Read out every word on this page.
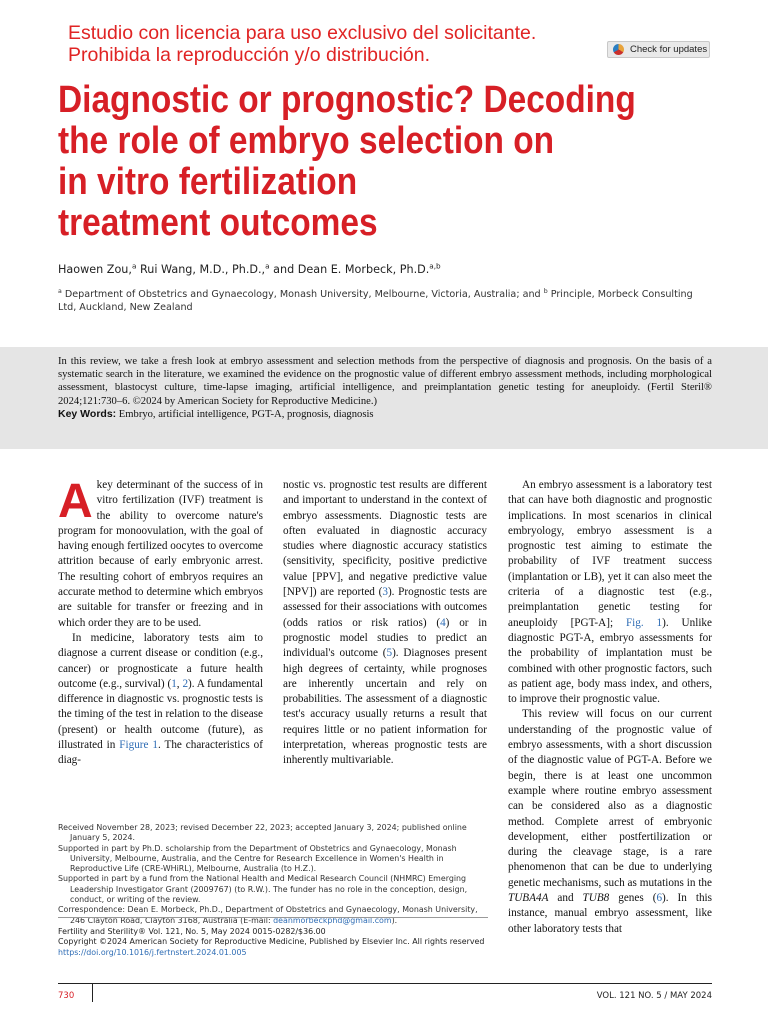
Estudio con licencia para uso exclusivo del solicitante.
Prohibida la reproducción y/o distribución.	Check for updates
Diagnostic or prognostic? Decoding
the role of embryo selection on
in vitro fertilization
treatment outcomes
Haowen Zou,$^a$ Rui Wang, M.D., Ph.D.,$^a$ and Dean E. Morbeck, Ph.D.$^{a,b}$
$^a$ Department of Obstetrics and Gynaecology, Monash University, Melbourne, Victoria, Australia; and $^b$ Principle, Morbeck Consulting Ltd, Auckland, New Zealand
In this review, we take a fresh look at embryo assessment and selection methods from the perspective of diagnosis and prognosis. On the basis of a systematic search in the literature, we examined the evidence on the prognostic value of different embryo assessment methods, including morphological assessment, blastocyst culture, time-lapse imaging, artificial intelligence, and preimplantation genetic testing for aneuploidy. (Fertil Steril® 2024;121:730–6. ©2024 by American Society for Reproductive Medicine.)
Key Words: Embryo, artificial intelligence, PGT-A, prognosis, diagnosis

Akey determinant of the success of in vitro fertilization (IVF) treatment is the ability to overcome nature's program for monoovulation, with the goal of having enough fertilized oocytes to overcome attrition because of early embryonic arrest. The resulting cohort of embryos requires an accurate method to determine which embryos are suitable for transfer or freezing and in which order they are to be used.

In medicine, laboratory tests aim to diagnose a current disease or condition (e.g., cancer) or prognosticate a future health outcome (e.g., survival) (1, 2). A fundamental difference in diagnostic vs. prognostic tests is the timing of the test in relation to the disease (present) or health outcome (future), as illustrated in Figure 1. The characteristics of diag-

nostic vs. prognostic test results are different and important to understand in the context of embryo assessments. Diagnostic tests are often evaluated in diagnostic accuracy studies where diagnostic accuracy statistics (sensitivity, specificity, positive predictive value [PPV], and negative predictive value [NPV]) are reported (3). Prognostic tests are assessed for their associations with outcomes (odds ratios or risk ratios) (4) or in prognostic model studies to predict an individual's outcome (5). Diagnoses present high degrees of certainty, while prognoses are inherently uncertain and rely on probabilities. The assessment of a diagnostic test's accuracy usually returns a result that requires little or no patient information for interpretation, whereas prognostic tests are inherently multivariable.

An embryo assessment is a laboratory test that can have both diagnostic and prognostic implications. In most scenarios in clinical embryology, embryo assessment is a prognostic test aiming to estimate the probability of IVF treatment success (implantation or LB), yet it can also meet the criteria of a diagnostic test (e.g., preimplantation genetic testing for aneuploidy [PGT-A]; Fig. 1). Unlike diagnostic PGT-A, embryo assessments for the probability of implantation must be combined with other prognostic factors, such as patient age, body mass index, and others, to improve their prognostic value.

This review will focus on our current understanding of the prognostic value of embryo assessments, with a short discussion of the diagnostic value of PGT-A. Before we begin, there is at least one uncommon example where routine embryo assessment can be considered also as a diagnostic method. Complete arrest of embryonic development, either postfertilization or during the cleavage stage, is a rare phenomenon that can be due to underlying genetic mechanisms, such as mutations in the TUBA4A and TUB8 genes (6). In this instance, manual embryo assessment, like other laboratory tests that

Received November 28, 2023; revised December 22, 2023; accepted January 3, 2024; published online January 5, 2024.

Supported in part by Ph.D. scholarship from the Department of Obstetrics and Gynaecology, Monash University, Melbourne, Australia, and the Centre for Research Excellence in Women's Health in Reproductive Life (CRE-WHiRL), Melbourne, Australia (to H.Z.).

Supported in part by a fund from the National Health and Medical Research Council (NHMRC) Emerging Leadership Investigator Grant (2009767) (to R.W.). The funder has no role in the conception, design, conduct, or writing of the review.

Correspondence: Dean E. Morbeck, Ph.D., Department of Obstetrics and Gynaecology, Monash University, 246 Clayton Road, Clayton 3168, Australia (E-mail: deanmorbeckphd@gmail.com).

Fertility and Sterility® Vol. 121, No. 5, May 2024 0015-0282/$36.00

Copyright ©2024 American Society for Reproductive Medicine, Published by Elsevier Inc. All rights reserved

https://doi.org/10.1016/j.fertnstert.2024.01.005

730	VOL. 121 NO. 5 / MAY 2024
